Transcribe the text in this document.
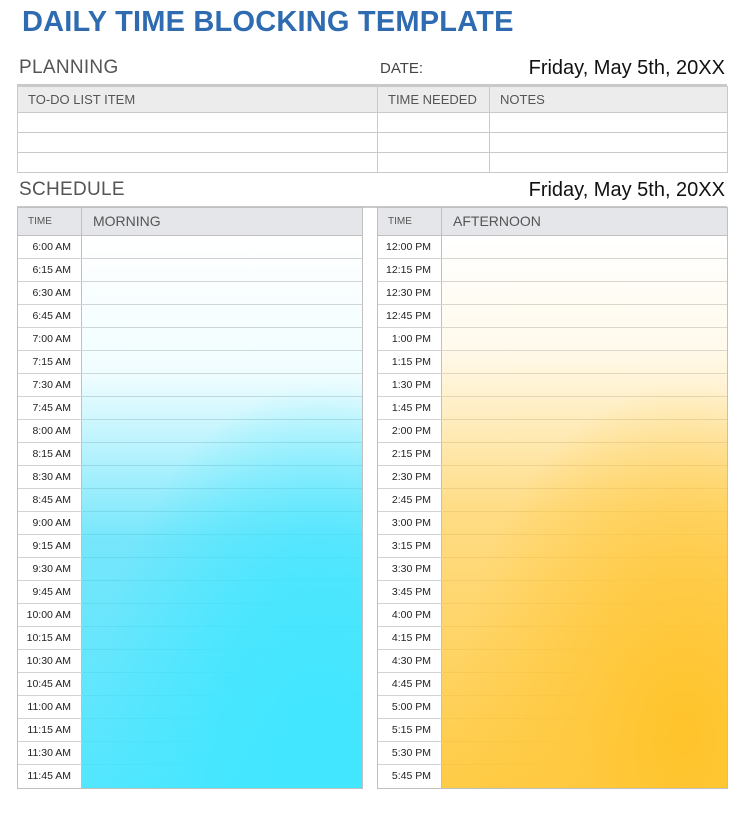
DAILY TIME BLOCKING TEMPLATE
PLANNING	DATE:	Friday, May 5th, 20XX
TO-DO LIST ITEM	TIME NEEDED	NOTES

SCHEDULE	Friday, May 5th, 20XX
TIME	MORNING
6:00 AM
6:15 AM
6:30 AM
6:45 AM
7:00 AM
7:15 AM
7:30 AM
7:45 AM
8:00 AM
8:15 AM
8:30 AM
8:45 AM
9:00 AM
9:15 AM
9:30 AM
9:45 AM
10:00 AM
10:15 AM
10:30 AM
10:45 AM
11:00 AM
11:15 AM
11:30 AM
11:45 AM
TIME	AFTERNOON
12:00 PM
12:15 PM
12:30 PM
12:45 PM
1:00 PM
1:15 PM
1:30 PM
1:45 PM
2:00 PM
2:15 PM
2:30 PM
2:45 PM
3:00 PM
3:15 PM
3:30 PM
3:45 PM
4:00 PM
4:15 PM
4:30 PM
4:45 PM
5:00 PM
5:15 PM
5:30 PM
5:45 PM
